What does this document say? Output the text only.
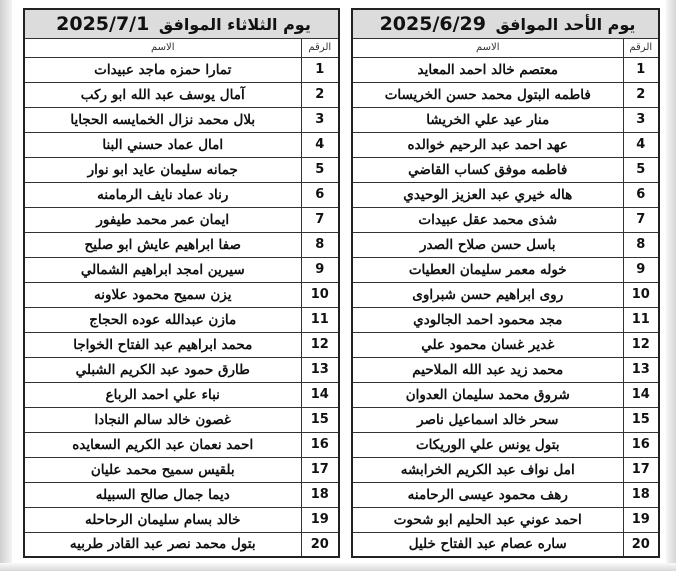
يوم الأحد الموافق 2025/6/29	
الرقم	الاسم
1	معتصم خالد احمد المعايد
2	فاطمه البتول محمد حسن الخريسات
3	منار عيد علي الخريشا
4	عهد احمد عبد الرحيم خوالده
5	فاطمه موفق كساب القاضي
6	هاله خيري عبد العزيز الوحيدي
7	شذى محمد عقل عبيدات
8	باسل حسن صلاح الصدر
9	خوله معمر سليمان العطيات
10	روى ابراهيم حسن شبراوى
11	مجد محمود احمد الجالودي
12	غدير غسان محمود علي
13	محمد زيد عبد الله الملاحيم
14	شروق محمد سليمان العدوان
15	سحر خالد اسماعيل ناصر
16	بتول يونس علي الوريكات
17	امل نواف عبد الكريم الخرابشه
18	رهف محمود عيسى الرحامنه
19	احمد عوني عبد الحليم ابو شحوت
20	ساره عصام عبد الفتاح خليل
يوم الثلاثاء الموافق 2025/7/1	
الرقم	الاسم
1	تمارا حمزه ماجد عبيدات
2	آمال يوسف عبد الله ابو ركب
3	بلال محمد نزال الخمايسه الحجايا
4	امال عماد حسني البنا
5	جمانه سليمان عايد ابو نوار
6	رناد عماد نايف الرمامنه
7	ايمان عمر محمد طيفور
8	صفا ابراهيم عايش ابو صليح
9	سيرين امجد ابراهيم الشمالي
10	يزن سميح محمود علاونه
11	مازن عبدالله عوده الحجاج
12	محمد ابراهيم عبد الفتاح الخواجا
13	طارق حمود عبد الكريم الشبلي
14	نباء علي احمد الرباع
15	غصون خالد سالم النجادا
16	احمد نعمان عبد الكريم السعايده
17	بلقيس سميح محمد عليان
18	ديما جمال صالح السبيله
19	خالد بسام سليمان الرحاحله
20	بتول محمد نصر عبد القادر طربيه
